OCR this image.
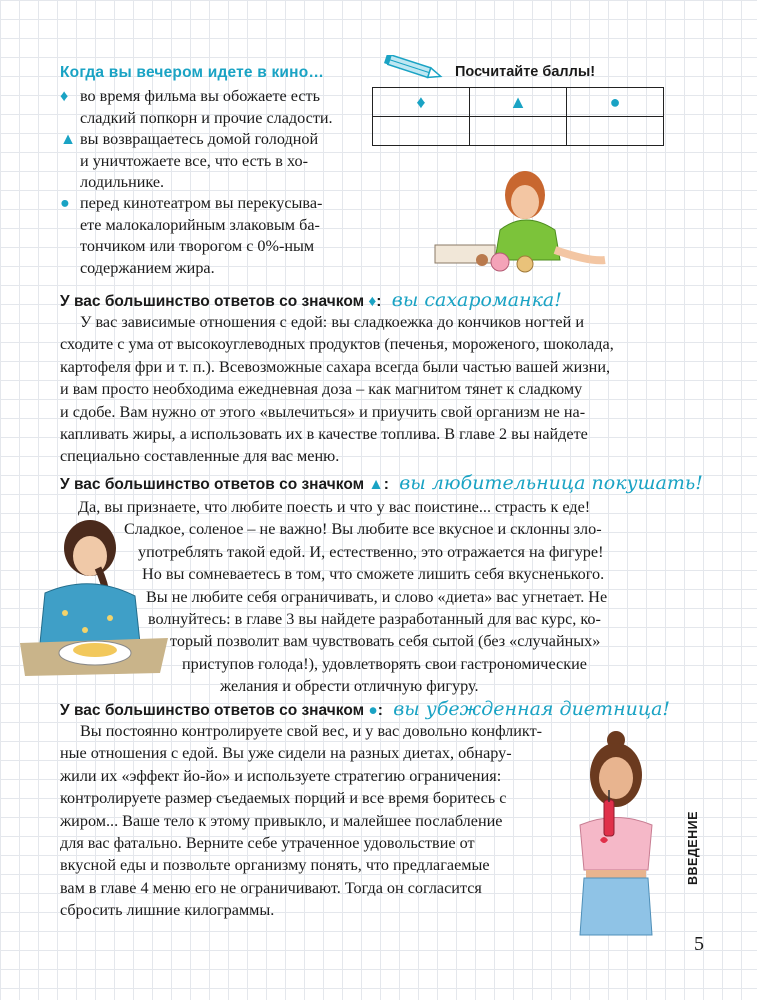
Когда вы вечером идете в кино…
♦ во время фильма вы обожаете есть
сладкий попкорн и прочие сладости.
▲ вы возвращаетесь домой голодной
и уничтожаете все, что есть в хо-
лодильнике.
● перед кинотеатром вы перекусыва-
ете малокалорийным злаковым ба-
тончиком или творогом с 0%-ным
содержанием жира.
Посчитайте баллы!
♦	▲	●

У вас большинство ответов со значком ♦: вы сахароманка!
У вас зависимые отношения с едой: вы сладкоежка до кончиков ногтей и
сходите с ума от высокоуглеводных продуктов (печенья, мороженого, шоколада,
картофеля фри и т. п.). Всевозможные сахара всегда были частью вашей жизни,
и вам просто необходима ежедневная доза – как магнитом тянет к сладкому
и сдобе. Вам нужно от этого «вылечиться» и приучить свой организм не на-
капливать жиры, а использовать их в качестве топлива. В главе 2 вы найдете
специально составленные для вас меню.
У вас большинство ответов со значком ▲: вы любительница покушать!
Да, вы признаете, что любите поесть и что у вас поистине... страсть к еде!
Сладкое, соленое – не важно! Вы любите все вкусное и склонны зло-
употреблять такой едой. И, естественно, это отражается на фигуре!
Но вы сомневаетесь в том, что сможете лишить себя вкусненького.
Вы не любите себя ограничивать, и слово «диета» вас угнетает. Не
волнуйтесь: в главе 3 вы найдете разработанный для вас курс, ко-
торый позволит вам чувствовать себя сытой (без «случайных»
приступов голода!), удовлетворять свои гастрономические
желания и обрести отличную фигуру.
У вас большинство ответов со значком ●: вы убежденная диетница!
Вы постоянно контролируете свой вес, и у вас довольно конфликт-
ные отношения с едой. Вы уже сидели на разных диетах, обнару-
жили их «эффект йо-йо» и используете стратегию ограничения:
контролируете размер съедаемых порций и все время боритесь с
жиром... Ваше тело к этому привыкло, и малейшее послабление
для вас фатально. Верните себе утраченное удовольствие от
вкусной еды и позвольте организму понять, что предлагаемые
вам в главе 4 меню его не ограничивают. Тогда он согласится
сбросить лишние килограммы.
ВВЕДЕНИЕ
5
